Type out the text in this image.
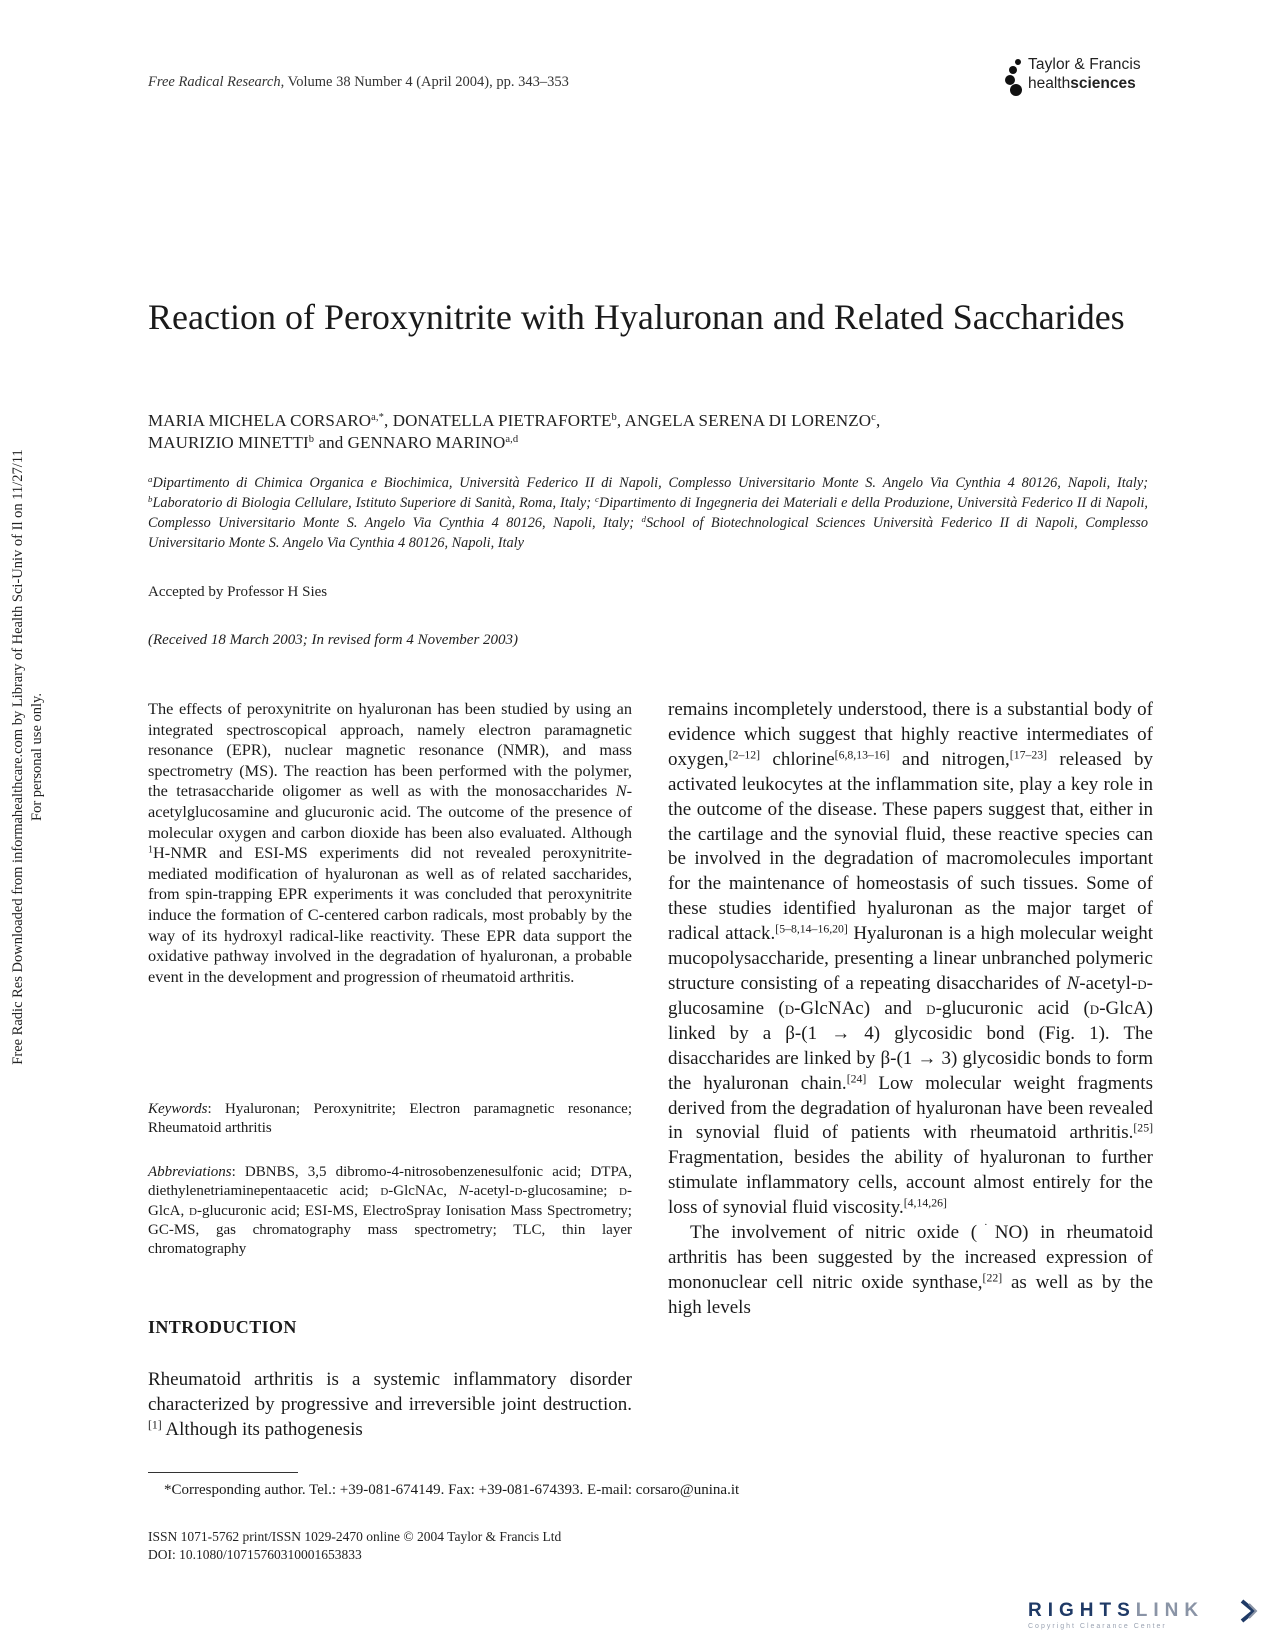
Free Radical Research, Volume 38 Number 4 (April 2004), pp. 343–353
Taylor & Francis
healthsciences
Reaction of Peroxynitrite with Hyaluronan and Related Saccharides
MARIA MICHELA $CORSARO^{a,*}$, DONATELLA PIETRAFORTE$^b$, ANGELA SERENA DI LORENZO$^c$,
MAURIZIO MINETTI$^b$ and GENNARO MARINO$^{a,d}$
$^a$Dipartimento di Chimica Organica e Biochimica, Università Federico II di Napoli, Complesso Universitario Monte S. Angelo Via Cynthia 4 80126, Napoli, Italy; $^b$Laboratorio di Biologia Cellulare, Istituto Superiore di Sanità, Roma, Italy; $^c$Dipartimento di Ingegneria dei Materiali e della Produzione, Università Federico II di Napoli, Complesso Universitario Monte S. Angelo Via Cynthia 4 80126, Napoli, Italy; $^d$School of Biotechnological Sciences Università Federico II di Napoli, Complesso Universitario Monte S. Angelo Via Cynthia 4 80126, Napoli, Italy
Accepted by Professor H Sies
(Received 18 March 2003; In revised form 4 November 2003)
The effects of peroxynitrite on hyaluronan has been studied by using an integrated spectroscopical approach, namely electron paramagnetic resonance (EPR), nuclear magnetic resonance (NMR), and mass spectrometry (MS). The reaction has been performed with the polymer, the tetrasaccharide oligomer as well as with the monosaccharides N-acetylglucosamine and glucuronic acid. The outcome of the presence of molecular oxygen and carbon dioxide has been also evaluated. Although $^1$H-NMR and ESI-MS experiments did not revealed peroxynitrite-mediated modification of hyaluronan as well as of related saccharides, from spin-trapping EPR experiments it was concluded that peroxynitrite induce the formation of C-centered carbon radicals, most probably by the way of its hydroxyl radical-like reactivity. These EPR data support the oxidative pathway involved in the degradation of hyaluronan, a probable event in the development and progression of rheumatoid arthritis.
Keywords: Hyaluronan; Peroxynitrite; Electron paramagnetic resonance; Rheumatoid arthritis
Abbreviations: DBNBS, 3,5 dibromo-4-nitrosobenzenesulfonic acid; DTPA, diethylenetriaminepentaacetic acid; d-GlcNAc, N-acetyl-d-glucosamine; d-GlcA, d-glucuronic acid; ESI-MS, ElectroSpray Ionisation Mass Spectrometry; GC-MS, gas chromatography mass spectrometry; TLC, thin layer chromatography
INTRODUCTION
Rheumatoid arthritis is a systemic inflammatory disorder characterized by progressive and irreversible joint destruction.[1] Although its pathogenesis

remains incompletely understood, there is a substantial body of evidence which suggest that highly reactive intermediates of oxygen,[2–12] chlorine[6,8,13–16] and nitrogen,[17–23] released by activated leukocytes at the inflammation site, play a key role in the outcome of the disease. These papers suggest that, either in the cartilage and the synovial fluid, these reactive species can be involved in the degradation of macromolecules important for the maintenance of homeostasis of such tissues. Some of these studies identified hyaluronan as the major target of radical attack.[5–8,14–16,20] Hyaluronan is a high molecular weight mucopolysaccharide, presenting a linear unbranched polymeric structure consisting of a repeating disaccharides of N-acetyl-d-glucosamine (d-GlcNAc) and d-glucuronic acid (d-GlcA) linked by a β-(1 → 4) glycosidic bond (Fig. 1). The disaccharides are linked by β-(1 → 3) glycosidic bonds to form the hyaluronan chain.[24] Low molecular weight fragments derived from the degradation of hyaluronan have been revealed in synovial fluid of patients with rheumatoid arthritis.[25] Fragmentation, besides the ability of hyaluronan to further stimulate inflammatory cells, account almost entirely for the loss of synovial fluid viscosity.[4,14,26]

The involvement of nitric oxide (˙NO) in rheumatoid arthritis has been suggested by the increased expression of mononuclear cell nitric oxide synthase,[22] as well as by the high levels

*Corresponding author. Tel.: +39-081-674149. Fax: +39-081-674393. E-mail: corsaro@unina.it
ISSN 1071-5762 print/ISSN 1029-2470 online © 2004 Taylor & Francis Ltd
DOI: 10.1080/10715760310001653833
Free Radic Res Downloaded from informahealthcare.com by Library of Health Sci-Univ of Il on 11/27/11 For personal use only.
RIGHTSLINK
Copyright Clearance Center
